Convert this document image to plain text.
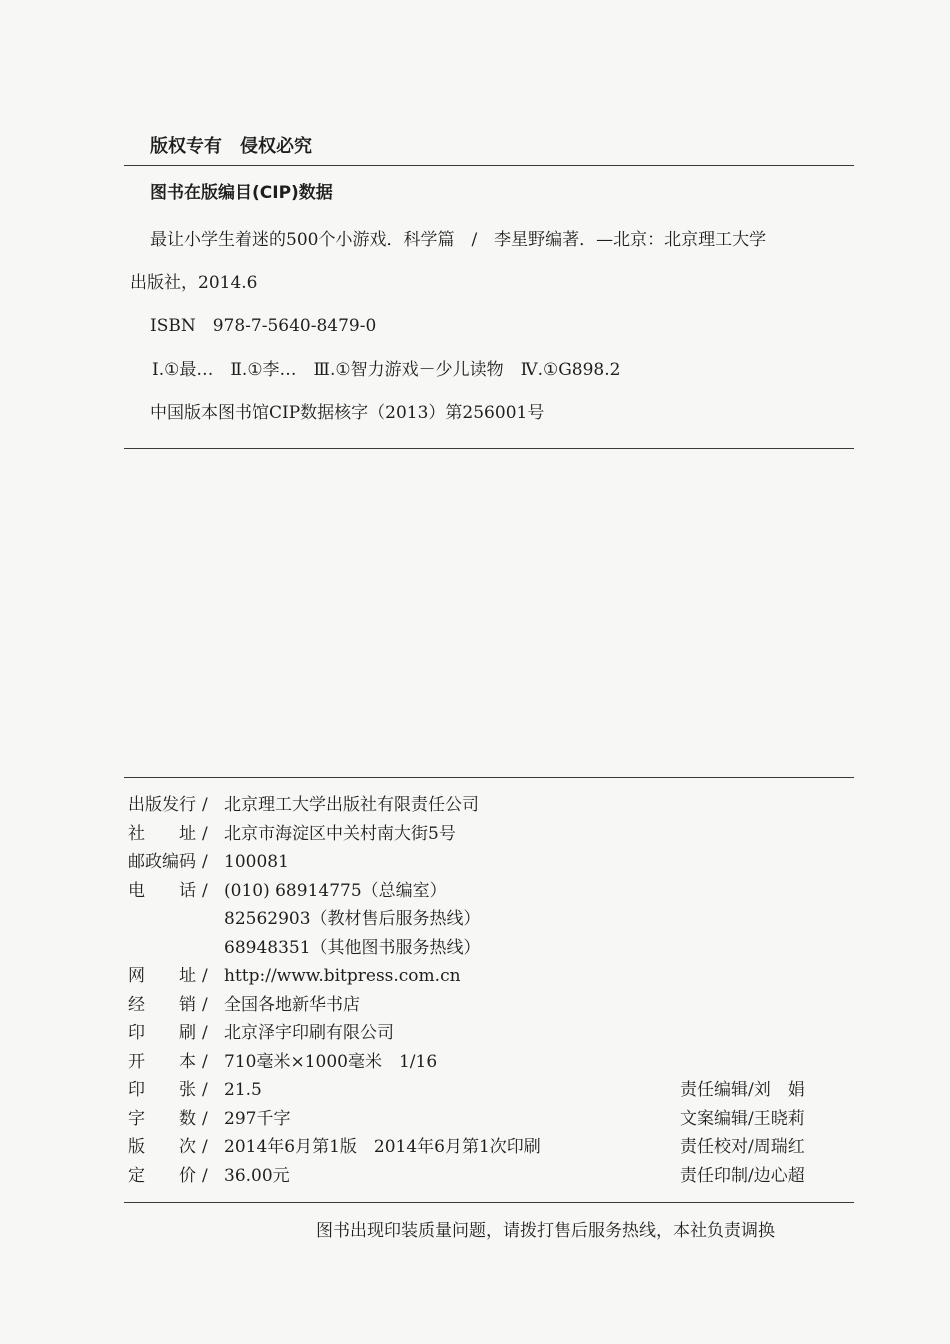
版权专有　侵权必究
图书在版编目(CIP)数据
最让小学生着迷的500个小游戏．科学篇　/　李星野编著．—北京：北京理工大学
出版社，2014.6
ISBN　978-7-5640-8479-0
Ⅰ.①最…　Ⅱ.①李…　Ⅲ.①智力游戏－少儿读物　Ⅳ.①G898.2
中国版本图书馆CIP数据核字（2013）第256001号
出版发行 / 北京理工大学出版社有限责任公司
社　　址 / 北京市海淀区中关村南大街5号
邮政编码 / 100081
电　　话 / (010) 68914775（总编室）
82562903（教材售后服务热线）
68948351（其他图书服务热线）
网　　址 / http://www.bitpress.com.cn
经　　销 / 全国各地新华书店
印　　刷 / 北京泽宇印刷有限公司
开　　本 / 710毫米×1000毫米　1/16
印　　张 / 21.5
字　　数 / 297千字
版　　次 / 2014年6月第1版　2014年6月第1次印刷
定　　价 / 36.00元
责任编辑/刘　娟
文案编辑/王晓莉
责任校对/周瑞红
责任印制/边心超
图书出现印装质量问题，请拨打售后服务热线，本社负责调换
